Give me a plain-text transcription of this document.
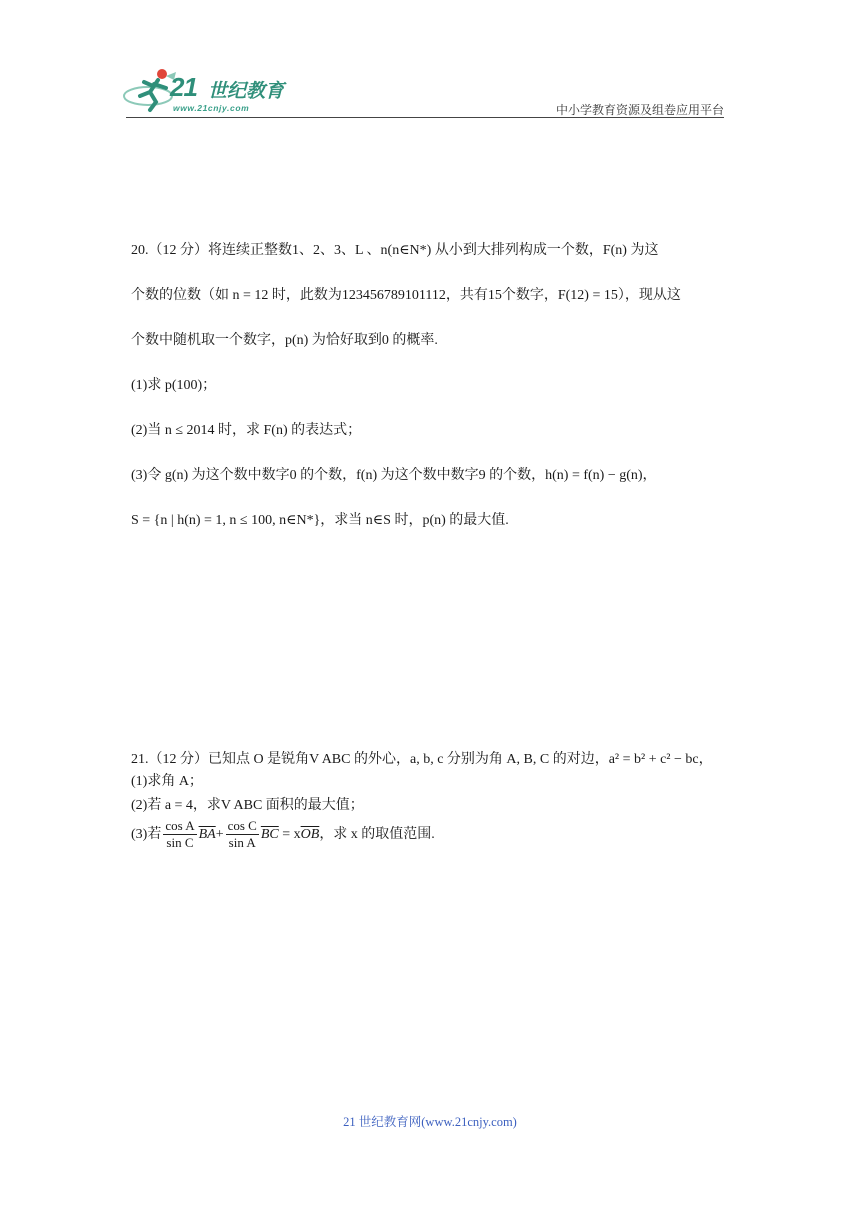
21 世纪教育
www.21cnjy.com	中小学教育资源及组卷应用平台
20.（12 分）将连续正整数1、2、3、L 、n(n∈N*) 从小到大排列构成一个数，F(n) 为这
个数的位数（如 n = 12 时，此数为123456789101112，共有15个数字，F(12) = 15），现从这
个数中随机取一个数字，p(n) 为恰好取到0 的概率.
(1)求 p(100)；
(2)当 n ≤ 2014 时，求 F(n) 的表达式；
(3)令 g(n) 为这个数中数字0 的个数，f(n) 为这个数中数字9 的个数，h(n) = f(n) − g(n)，
S = {n | h(n) = 1, n ≤ 100, n∈N*}，求当 n∈S 时，p(n) 的最大值.
21.（12 分）已知点 O 是锐角V ABC 的外心，a, b, c 分别为角 A, B, C 的对边，a² = b² + c² − bc，
(1)求角 A；
(2)若 a = 4，求V ABC 面积的最大值；
(3)若 $\frac{\text{cos A}}{\text{sin C}} \overline{BA}+ \frac{\text{cos C}}{\text{sin A}} \overline{BC} = x\overline{OB}$，求 x 的取值范围.
21 世纪教育网(www.21cnjy.com)
